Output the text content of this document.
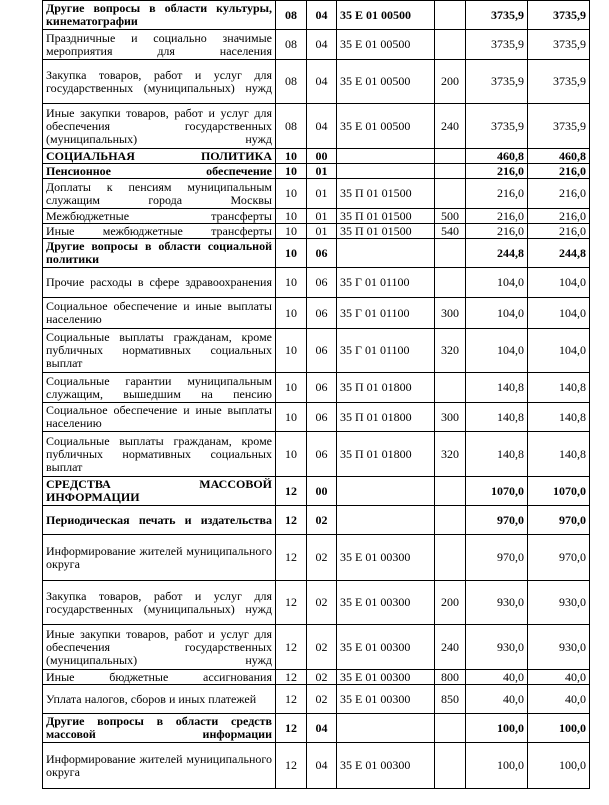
Другие вопросы в области культуры, кинематографии	08	04	35 Е 01 00500		3735,9	3735,9
Праздничные и социально значимые мероприятия для населения	08	04	35 Е 01 00500		3735,9	3735,9
Закупка товаров, работ и услуг для государственных (муниципальных) нужд	08	04	35 Е 01 00500	200	3735,9	3735,9
Иные закупки товаров, работ и услуг для обеспечения государственных (муниципальных) нужд	08	04	35 Е 01 00500	240	3735,9	3735,9
СОЦИАЛЬНАЯ ПОЛИТИКА	10	00			460,8	460,8
Пенсионное обеспечение	10	01			216,0	216,0
Доплаты к пенсиям муниципальным служащим города Москвы	10	01	35 П 01 01500		216,0	216,0
Межбюджетные трансферты	10	01	35 П 01 01500	500	216,0	216,0
Иные межбюджетные трансферты	10	01	35 П 01 01500	540	216,0	216,0
Другие вопросы в области социальной политики	10	06			244,8	244,8
Прочие расходы в сфере здравоохранения	10	06	35 Г 01 01100		104,0	104,0
Социальное обеспечение и иные выплаты населению	10	06	35 Г 01 01100	300	104,0	104,0
Социальные выплаты гражданам, кроме публичных нормативных социальных выплат	10	06	35 Г 01 01100	320	104,0	104,0
Социальные гарантии муниципальным служащим, вышедшим на пенсию	10	06	35 П 01 01800		140,8	140,8
Социальное обеспечение и иные выплаты населению	10	06	35 П 01 01800	300	140,8	140,8
Социальные выплаты гражданам, кроме публичных нормативных социальных выплат	10	06	35 П 01 01800	320	140,8	140,8
СРЕДСТВА МАССОВОЙ ИНФОРМАЦИИ	12	00			1070,0	1070,0
Периодическая печать и издательства	12	02			970,0	970,0
Информирование жителей муниципального округа	12	02	35 Е 01 00300		970,0	970,0
Закупка товаров, работ и услуг для государственных (муниципальных) нужд	12	02	35 Е 01 00300	200	930,0	930,0
Иные закупки товаров, работ и услуг для обеспечения государственных (муниципальных) нужд	12	02	35 Е 01 00300	240	930,0	930,0
Иные бюджетные ассигнования	12	02	35 Е 01 00300	800	40,0	40,0
Уплата налогов, сборов и иных платежей	12	02	35 Е 01 00300	850	40,0	40,0
Другие вопросы в области средств массовой информации	12	04			100,0	100,0
Информирование жителей муниципального округа	12	04	35 Е 01 00300		100,0	100,0
